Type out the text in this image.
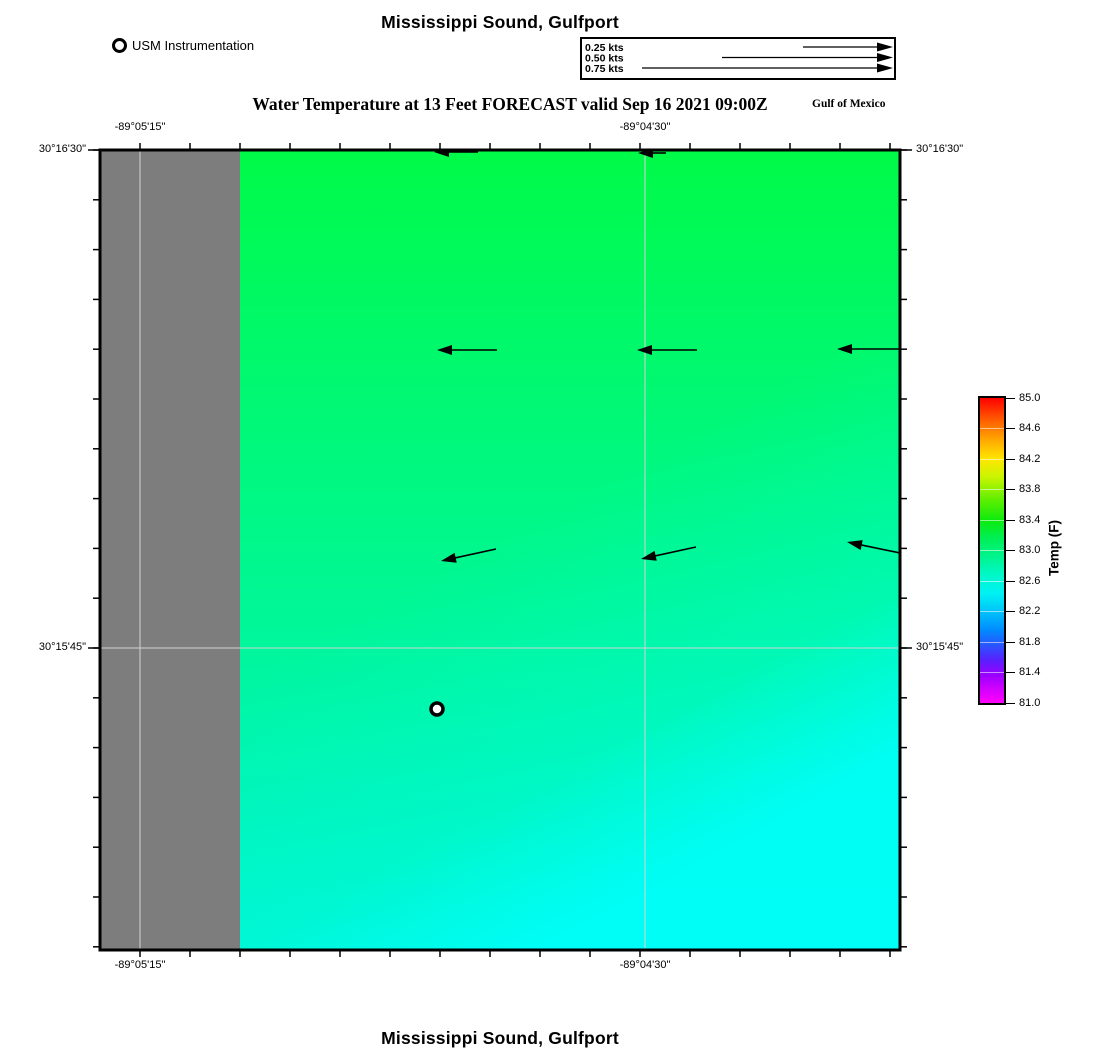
Mississippi Sound, Gulfport
USM Instrumentation	0.25 kts
0.50 kts
0.75 kts
Water Temperature at 13 Feet FORECAST valid Sep 16 2021 09:00Z	Gulf of Mexico
-89°05'15"
-89°05'15"
-89°04'30"
-89°04'30"
30°16'30"	30°16'30"
30°15'45"	30°15'45"
85.0
84.6
84.2
83.8
83.4
83.0
82.6
82.2
81.8
81.4
81.0
Temp (F)
Mississippi Sound, Gulfport
